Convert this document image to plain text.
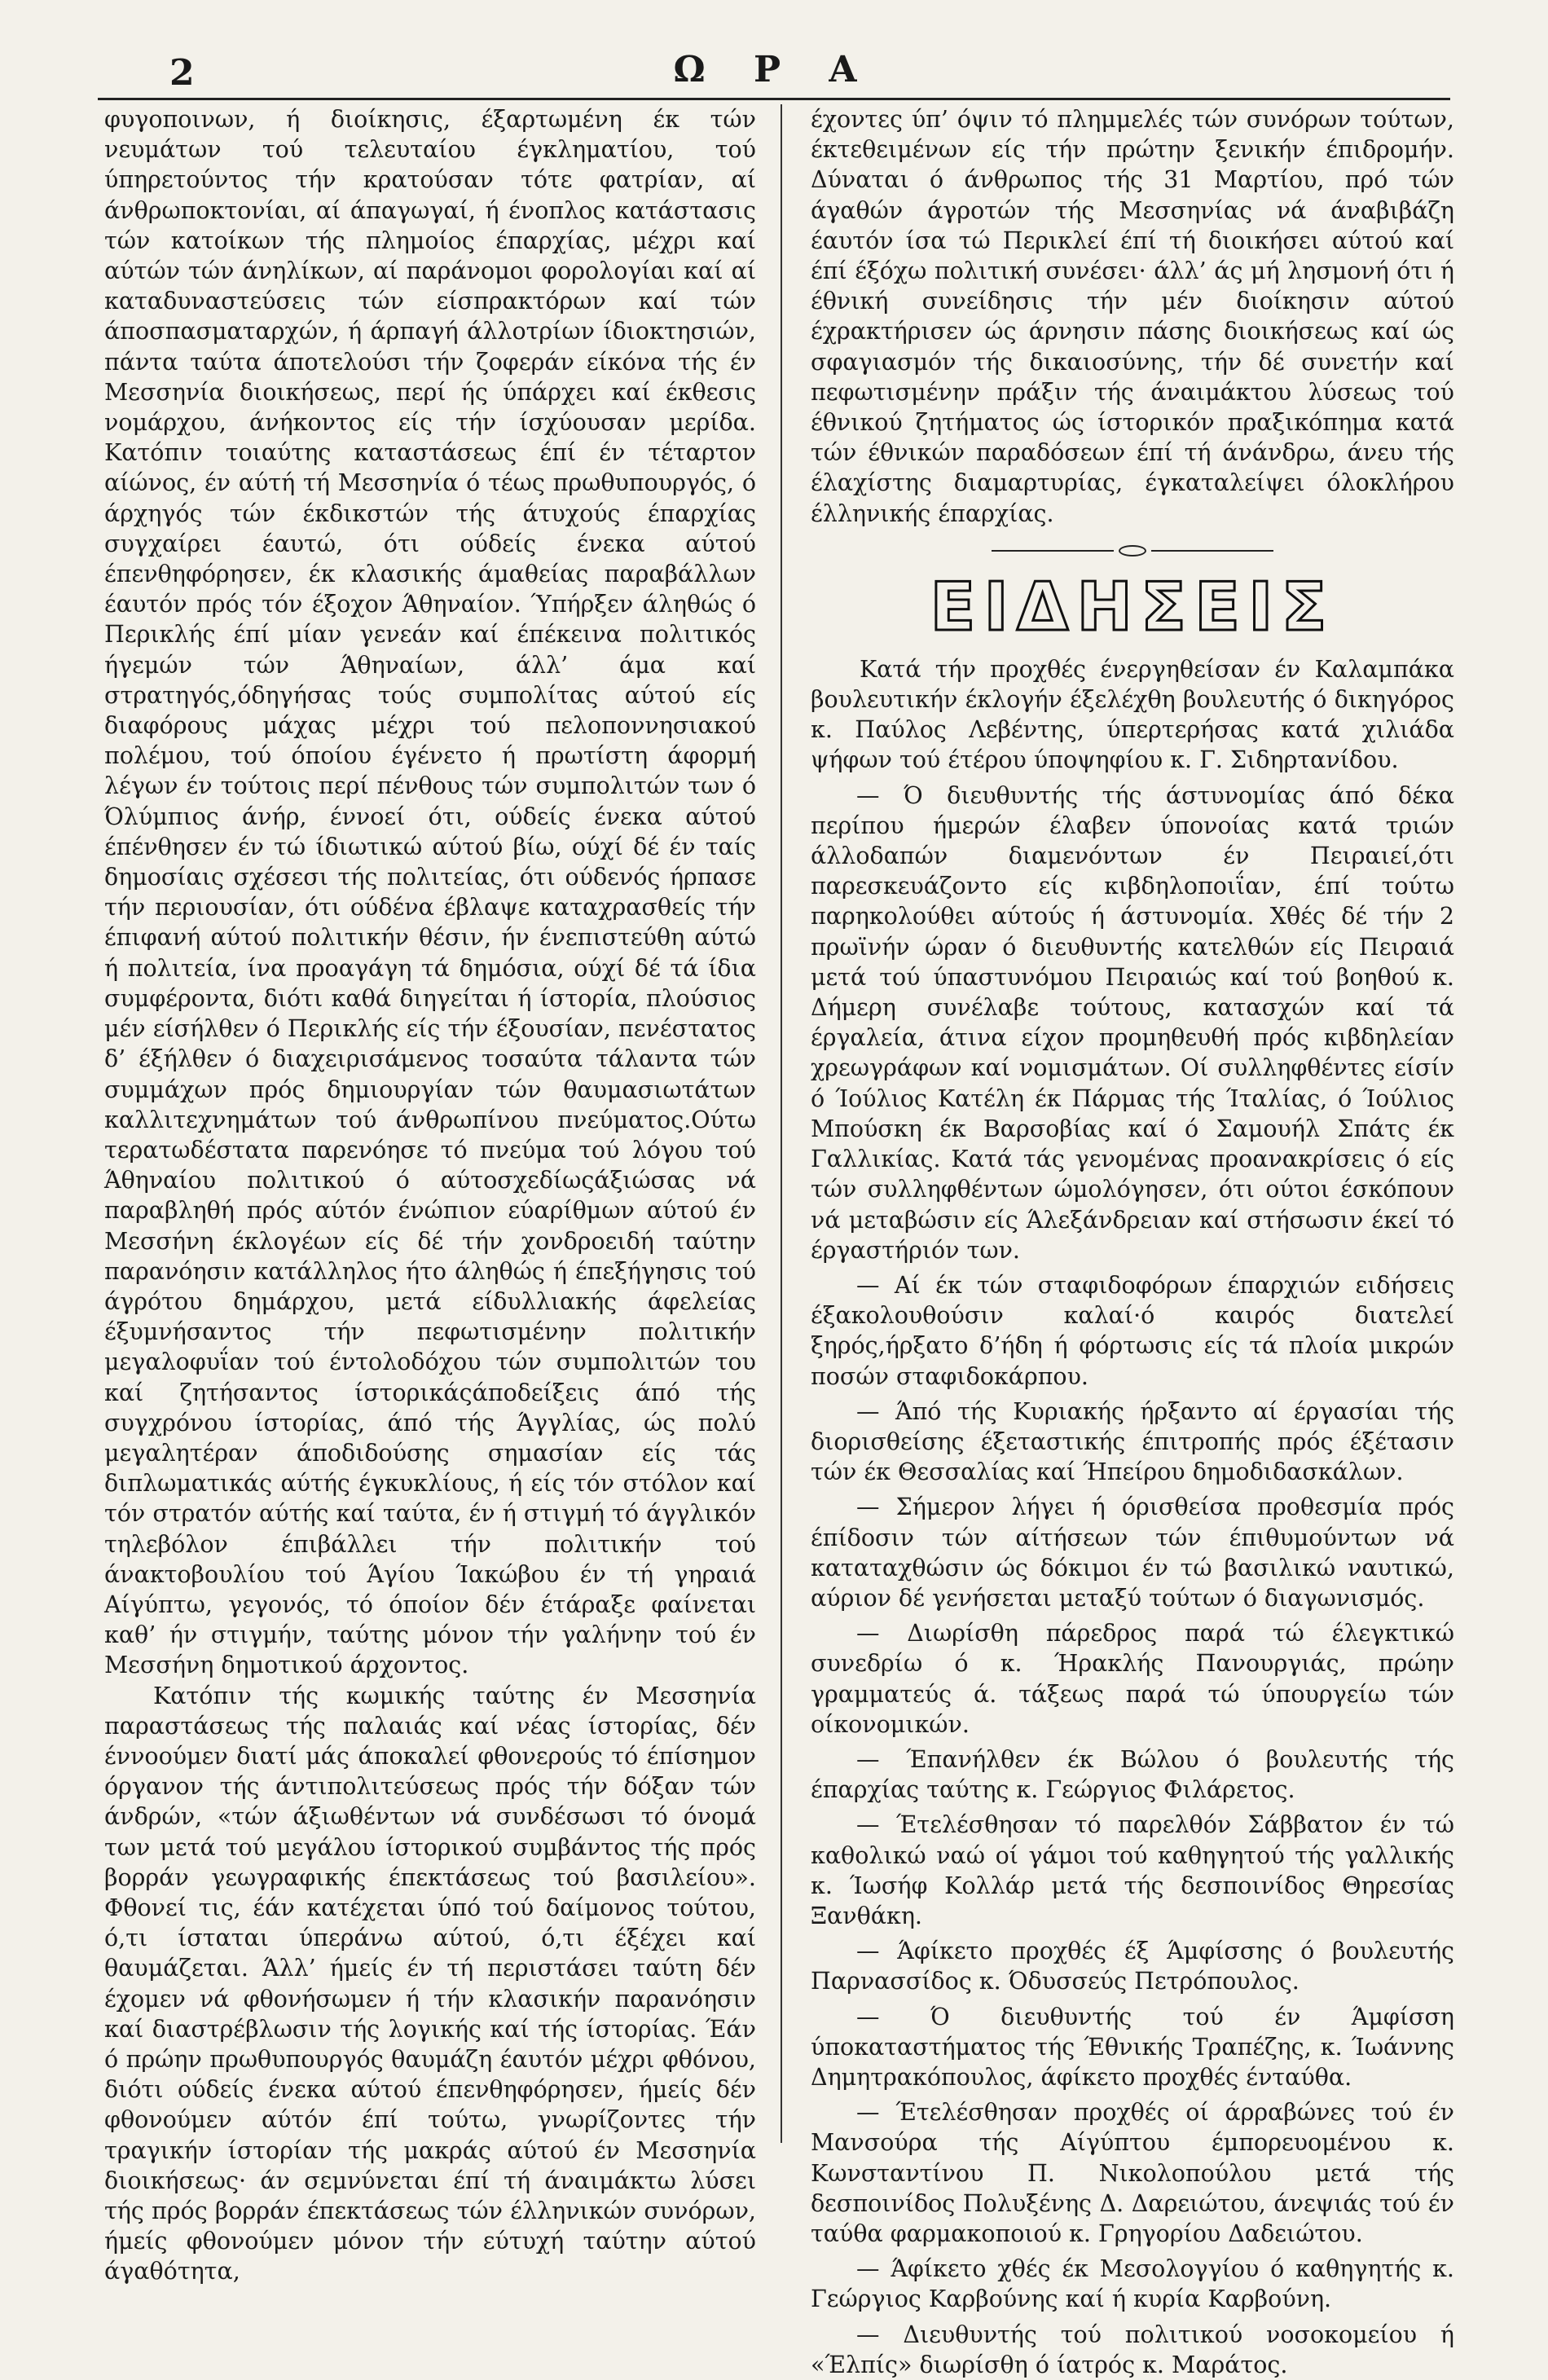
2	Ω Ρ Α

φυγοποινων, ή διοίκησις, έξαρτωμένη έκ τών νευμάτων τού τελευταίου έγκληματίου, τού ύπηρετούντος τήν κρατούσαν τότε φατρίαν, αί άνθρωποκτονίαι, αί άπαγωγαί, ή ένοπλος κατάστασις τών κατοίκων τής πλημοίος έπαρχίας, μέχρι καί αύτών τών άνηλίκων, αί παράνομοι φορολογίαι καί αί καταδυναστεύσεις τών είσπρακτόρων καί τών άποσπασματαρχών, ή άρπαγή άλλοτρίων ίδιοκτησιών, πάντα ταύτα άποτελούσι τήν ζοφεράν είκόνα τής έν Μεσσηνία διοικήσεως, περί ής ύπάρχει καί έκθεσις νομάρχου, άνήκοντος είς τήν ίσχύουσαν μερίδα. Κατόπιν τοιαύτης καταστάσεως έπί έν τέταρτον αίώνος, έν αύτή τή Μεσσηνία ό τέως πρωθυπουργός, ό άρχηγός τών έκδικστών τής άτυχούς έπαρχίας συγχαίρει έαυτώ, ότι ούδείς ένεκα αύτού έπενθηφόρησεν, έκ κλασικής άμαθείας παραβάλλων έαυτόν πρός τόν έξοχον Άθηναίον. Ύπήρξεν άληθώς ό Περικλής έπί μίαν γενεάν καί έπέκεινα πολιτικός ήγεμών τών Άθηναίων, άλλ’ άμα καί στρατηγός,όδηγήσας τούς συμπολίτας αύτού είς διαφόρους μάχας μέχρι τού πελοποννησιακού πολέμου, τού όποίου έγένετο ή πρωτίστη άφορμή λέγων έν τούτοις περί πένθους τών συμπολιτών των ό Όλύμπιος άνήρ, έννοεί ότι, ούδείς ένεκα αύτού έπένθησεν έν τώ ίδιωτικώ αύτού βίω, ούχί δέ έν ταίς δημοσίαις σχέσεσι τής πολιτείας, ότι ούδενός ήρπασε τήν περιουσίαν, ότι ούδένα έβλαψε καταχρασθείς τήν έπιφανή αύτού πολιτικήν θέσιν, ήν ένεπιστεύθη αύτώ ή πολιτεία, ίνα προαγάγη τά δημόσια, ούχί δέ τά ίδια συμφέροντα, διότι καθά διηγείται ή ίστορία, πλούσιος μέν είσήλθεν ό Περικλής είς τήν έξουσίαν, πενέστατος δ’ έξήλθεν ό διαχειρισάμενος τοσαύτα τάλαντα τών συμμάχων πρός δημιουργίαν τών θαυμασιωτάτων καλλιτεχνημάτων τού άνθρωπίνου πνεύματος.Ούτω τερατωδέστατα παρενόησε τό πνεύμα τού λόγου τού Άθηναίου πολιτικού ό αύτοσχεδίωςάξιώσας νά παραβληθή πρός αύτόν ένώπιον εύαρίθμων αύτού έν Μεσσήνη έκλογέων είς δέ τήν χονδροειδή ταύτην παρανόησιν κατάλληλος ήτο άληθώς ή έπεξήγησις τού άγρότου δημάρχου, μετά είδυλλιακής άφελείας έξυμνήσαντος τήν πεφωτισμένην πολιτικήν μεγαλοφυΐαν τού έντολοδόχου τών συμπολιτών του καί ζητήσαντος ίστορικάςάποδείξεις άπό τής συγχρόνου ίστορίας, άπό τής Άγγλίας, ώς πολύ μεγαλητέραν άποδιδούσης σημασίαν είς τάς διπλωματικάς αύτής έγκυκλίους, ή είς τόν στόλον καί τόν στρατόν αύτής καί ταύτα, έν ή στιγμή τό άγγλικόν τηλεβόλον έπιβάλλει τήν πολιτικήν τού άνακτοβουλίου τού Άγίου Ίακώβου έν τή γηραιά Αίγύπτω, γεγονός, τό όποίον δέν έτάραξε φαίνεται καθ’ ήν στιγμήν, ταύτης μόνον τήν γαλήνην τού έν Μεσσήνη δημοτικού άρχοντος.

Κατόπιν τής κωμικής ταύτης έν Μεσσηνία παραστάσεως τής παλαιάς καί νέας ίστορίας, δέν έννοούμεν διατί μάς άποκαλεί φθονερούς τό έπίσημον όργανον τής άντιπολιτεύσεως πρός τήν δόξαν τών άνδρών, «τών άξιωθέντων νά συνδέσωσι τό όνομά των μετά τού μεγάλου ίστορικού συμβάντος τής πρός βορράν γεωγραφικής έπεκτάσεως τού βασιλείου». Φθονεί τις, έάν κατέχεται ύπό τού δαίμονος τούτου, ό,τι ίσταται ύπεράνω αύτού, ό,τι έξέχει καί θαυμάζεται. Άλλ’ ήμείς έν τή περιστάσει ταύτη δέν έχομεν νά φθονήσωμεν ή τήν κλασικήν παρανόησιν καί διαστρέβλωσιν τής λογικής καί τής ίστορίας. Έάν ό πρώην πρωθυπουργός θαυμάζη έαυτόν μέχρι φθόνου, διότι ούδείς ένεκα αύτού έπενθηφόρησεν, ήμείς δέν φθονούμεν αύτόν έπί τούτω, γνωρίζοντες τήν τραγικήν ίστορίαν τής μακράς αύτού έν Μεσσηνία διοικήσεως· άν σεμνύνεται έπί τή άναιμάκτω λύσει τής πρός βορράν έπεκτάσεως τών έλληνικών συνόρων, ήμείς φθονούμεν μόνον τήν εύτυχή ταύτην αύτού άγαθότητα,

έχοντες ύπ’ όψιν τό πλημμελές τών συνόρων τούτων, έκτεθειμένων είς τήν πρώτην ξενικήν έπιδρομήν. Δύναται ό άνθρωπος τής 31 Μαρτίου, πρό τών άγαθών άγροτών τής Μεσσηνίας νά άναβιβάζη έαυτόν ίσα τώ Περικλεί έπί τή διοικήσει αύτού καί έπί έξόχω πολιτική συνέσει· άλλ’ άς μή λησμονή ότι ή έθνική συνείδησις τήν μέν διοίκησιν αύτού έχρακτήρισεν ώς άρνησιν πάσης διοικήσεως καί ώς σφαγιασμόν τής δικαιοσύνης, τήν δέ συνετήν καί πεφωτισμένην πράξιν τής άναιμάκτου λύσεως τού έθνικού ζητήματος ώς ίστορικόν πραξικόπημα κατά τών έθνικών παραδόσεων έπί τή άνάνδρω, άνευ τής έλαχίστης διαμαρτυρίας, έγκαταλείψει όλοκλήρου έλληνικής έπαρχίας.

ΕΙΔΗΣΕΙΣ

Κατά τήν προχθές ένεργηθείσαν έν Καλαμπάκα βουλευτικήν έκλογήν έξελέχθη βουλευτής ό δικηγόρος κ. Παύλος Λεβέντης, ύπερτερήσας κατά χιλιάδα ψήφων τού έτέρου ύποψηφίου κ. Γ. Σιδηρτανίδου.

— Ό διευθυντής τής άστυνομίας άπό δέκα περίπου ήμερών έλαβεν ύπονοίας κατά τριών άλλοδαπών διαμενόντων έν Πειραιεί,ότι παρεσκευάζοντο είς κιβδηλοποιΐαν, έπί τούτω παρηκολούθει αύτούς ή άστυνομία. Χθές δέ τήν 2 πρωϊνήν ώραν ό διευθυντής κατελθών είς Πειραιά μετά τού ύπαστυνόμου Πειραιώς καί τού βοηθού κ. Δήμερη συνέλαβε τούτους, κατασχών καί τά έργαλεία, άτινα είχον προμηθευθή πρός κιβδηλείαν χρεωγράφων καί νομισμάτων. Οί συλληφθέντες είσίν ό Ίούλιος Κατέλη έκ Πάρμας τής Ίταλίας, ό Ίούλιος Μπούσκη έκ Βαρσοβίας καί ό Σαμουήλ Σπάτς έκ Γαλλικίας. Κατά τάς γενομένας προανακρίσεις ό είς τών συλληφθέντων ώμολόγησεν, ότι ούτοι έσκόπουν νά μεταβώσιν είς Άλεξάνδρειαν καί στήσωσιν έκεί τό έργαστήριόν των.

— Αί έκ τών σταφιδοφόρων έπαρχιών ειδήσεις έξακολουθούσιν καλαί·ό καιρός διατελεί ξηρός,ήρξατο δ’ήδη ή φόρτωσις είς τά πλοία μικρών ποσών σταφιδοκάρπου.

— Άπό τής Κυριακής ήρξαντο αί έργασίαι τής διορισθείσης έξεταστικής έπιτροπής πρός έξέτασιν τών έκ Θεσσαλίας καί Ήπείρου δημοδιδασκάλων.

— Σήμερον λήγει ή όρισθείσα προθεσμία πρός έπίδοσιν τών αίτήσεων τών έπιθυμούντων νά καταταχθώσιν ώς δόκιμοι έν τώ βασιλικώ ναυτικώ, αύριον δέ γενήσεται μεταξύ τούτων ό διαγωνισμός.

— Διωρίσθη πάρεδρος παρά τώ έλεγκτικώ συνεδρίω ό κ. Ήρακλής Πανουργιάς, πρώην γραμματεύς ά. τάξεως παρά τώ ύπουργείω τών οίκονομικών.

— Έπανήλθεν έκ Βώλου ό βουλευτής τής έπαρχίας ταύτης κ. Γεώργιος Φιλάρετος.

— Έτελέσθησαν τό παρελθόν Σάββατον έν τώ καθολικώ ναώ οί γάμοι τού καθηγητού τής γαλλικής κ. Ίωσήφ Κολλάρ μετά τής δεσποινίδος Θηρεσίας Ξανθάκη.

— Άφίκετο προχθές έξ Άμφίσσης ό βουλευτής Παρνασσίδος κ. Όδυσσεύς Πετρόπουλος.

— Ό διευθυντής τού έν Άμφίσση ύποκαταστήματος τής Έθνικής Τραπέζης, κ. Ίωάννης Δημητρακόπουλος, άφίκετο προχθές ένταύθα.

— Έτελέσθησαν προχθές οί άρραβώνες τού έν Μανσούρα τής Αίγύπτου έμπορευομένου κ. Κωνσταντίνου Π. Νικολοπούλου μετά τής δεσποινίδος Πολυξένης Δ. Δαρειώτου, άνεψιάς τού έν ταύθα φαρμακοποιού κ. Γρηγορίου Δαδειώτου.

— Άφίκετο χθές έκ Μεσολογγίου ό καθηγητής κ. Γεώργιος Καρβούνης καί ή κυρία Καρβούνη.

— Διευθυντής τού πολιτικού νοσοκομείου ή «Έλπίς» διωρίσθη ό ίατρός κ. Μαράτος.
